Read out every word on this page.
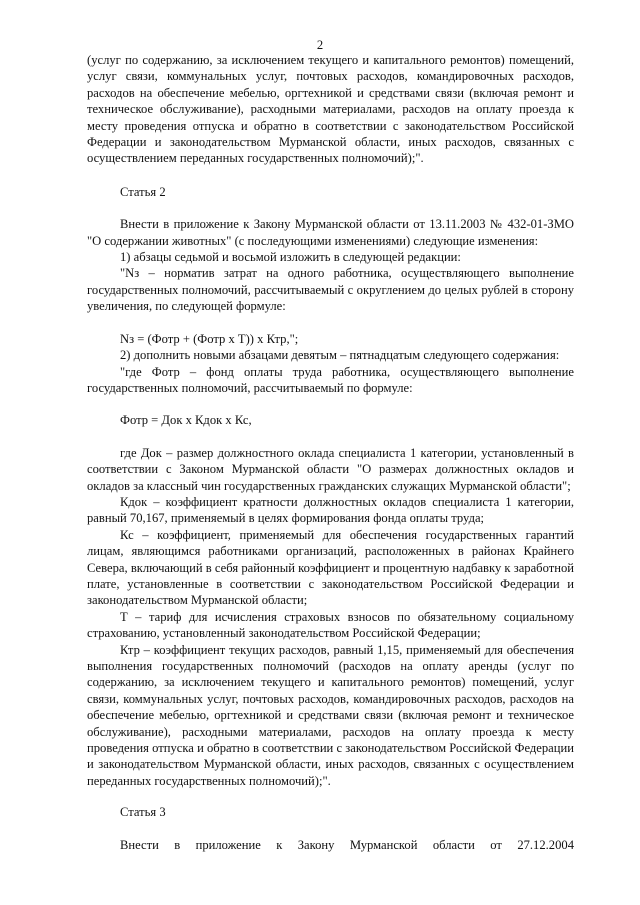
2

(услуг по содержанию, за исключением текущего и капитального ремонтов) помещений, услуг связи, коммунальных услуг, почтовых расходов, командировочных расходов, расходов на обеспечение мебелью, оргтехникой и средствами связи (включая ремонт и техническое обслуживание), расходными материалами, расходов на оплату проезда к месту проведения отпуска и обратно в соответствии с законодательством Российской Федерации и законодательством Мурманской области, иных расходов, связанных с осуществлением переданных государственных полномочий);".

Статья 2

Внести в приложение к Закону Мурманской области от 13.11.2003 № 432-01-ЗМО "О содержании животных" (с последующими изменениями) следующие изменения:

1) абзацы седьмой и восьмой изложить в следующей редакции:

"Nз – норматив затрат на одного работника, осуществляющего выполнение государственных полномочий, рассчитываемый с округлением до целых рублей в сторону увеличения, по следующей формуле:

Nз = (Фотр + (Фотр х Т)) х Ктр,";

2) дополнить новыми абзацами девятым – пятнадцатым следующего содержания:

"где Фотр – фонд оплаты труда работника, осуществляющего выполнение государственных полномочий, рассчитываемый по формуле:

Фотр = Док х Кдок х Кс,

где Док – размер должностного оклада специалиста 1 категории, установленный в соответствии с Законом Мурманской области "О размерах должностных окладов и окладов за классный чин государственных гражданских служащих Мурманской области";

Кдок – коэффициент кратности должностных окладов специалиста 1 категории, равный 70,167, применяемый в целях формирования фонда оплаты труда;

Кс – коэффициент, применяемый для обеспечения государственных гарантий лицам, являющимся работниками организаций, расположенных в районах Крайнего Севера, включающий в себя районный коэффициент и процентную надбавку к заработной плате, установленные в соответствии с законодательством Российской Федерации и законодательством Мурманской области;

Т – тариф для исчисления страховых взносов по обязательному социальному страхованию, установленный законодательством Российской Федерации;

Ктр – коэффициент текущих расходов, равный 1,15, применяемый для обеспечения выполнения государственных полномочий (расходов на оплату аренды (услуг по содержанию, за исключением текущего и капитального ремонтов) помещений, услуг связи, коммунальных услуг, почтовых расходов, командировочных расходов, расходов на обеспечение мебелью, оргтехникой и средствами связи (включая ремонт и техническое обслуживание), расходными материалами, расходов на оплату проезда к месту проведения отпуска и обратно в соответствии с законодательством Российской Федерации и законодательством Мурманской области, иных расходов, связанных с осуществлением переданных государственных полномочий);".

Статья 3

Внести в приложение к Закону Мурманской области от 27.12.2004
